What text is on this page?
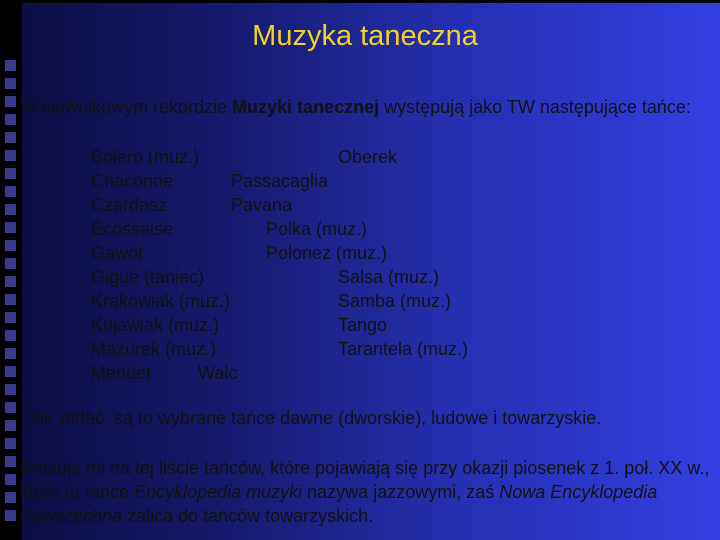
Muzyka taneczna
W słownikowym rekordzie Muzyki tanecznej występują jako TW następujące tańce:
Bolero (muz.)	Oberek
Chaconne	Passacaglia
Czardasz	Pavana
Ecossaise	Polka (muz.)
Gawot	Polonez (muz.)
Gigue (taniec)	Salsa (muz.)
Krakowiak (muz.)	Samba (muz.)
Kujawiak (muz.)	Tango
Mazurek (muz.)	Tarantela (muz.)
Menuet	Walc
Jak widać, są to wybrane tańce dawne (dworskie), ludowe i towarzyskie.
Brakuje mi na tej liście tańców, które pojawiają się przy okazji piosenek z 1. poł. XX w., które to tańce Encyklopedia muzyki nazywa jazzowymi, zaś Nowa Encyklopedia Powszechna zalica do tańców towarzyskich.
